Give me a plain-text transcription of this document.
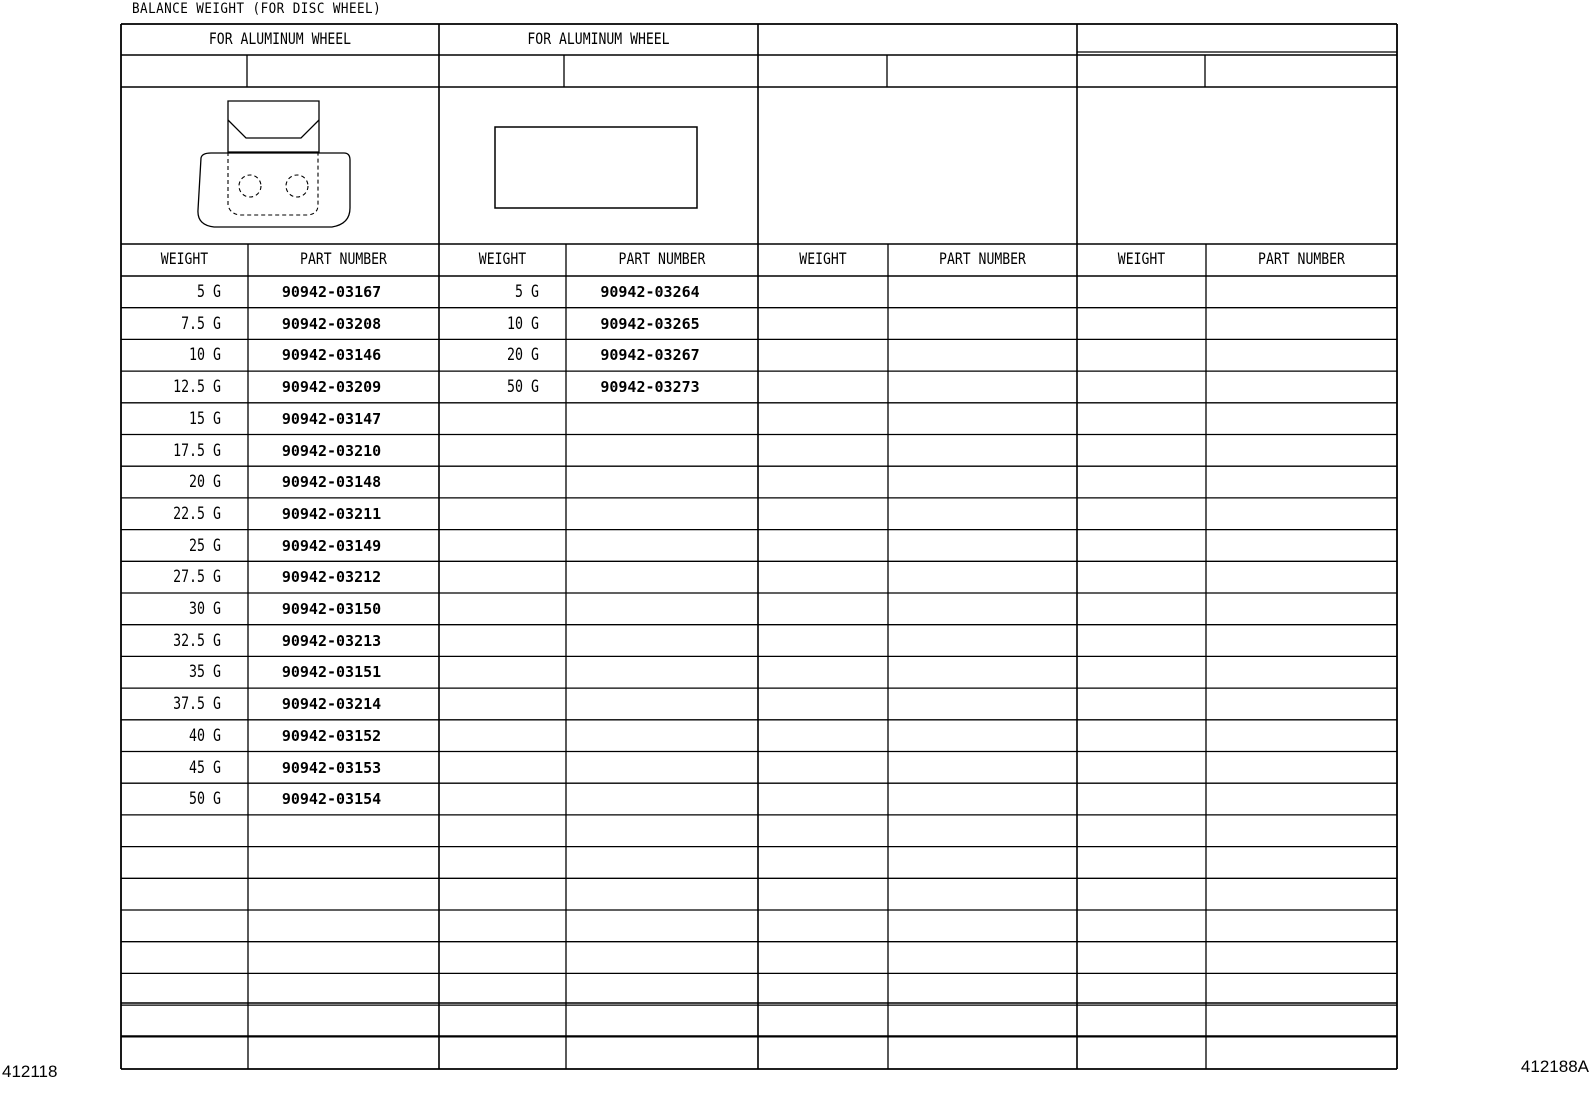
BALANCE WEIGHT (FOR DISC WHEEL)
FOR ALUMINUM WHEEL
WEIGHT	PART NUMBER
5 G	90942-03167
7.5 G	90942-03208
10 G	90942-03146
12.5 G	90942-03209
15 G	90942-03147
17.5 G	90942-03210
20 G	90942-03148
22.5 G	90942-03211
25 G	90942-03149
27.5 G	90942-03212
30 G	90942-03150
32.5 G	90942-03213
35 G	90942-03151
37.5 G	90942-03214
40 G	90942-03152
45 G	90942-03153
50 G	90942-03154
FOR ALUMINUM WHEEL
WEIGHT	PART NUMBER
5 G	90942-03264
10 G	90942-03265
20 G	90942-03267
50 G	90942-03273
WEIGHT	PART NUMBER	WEIGHT	PART NUMBER
412118	412188A
